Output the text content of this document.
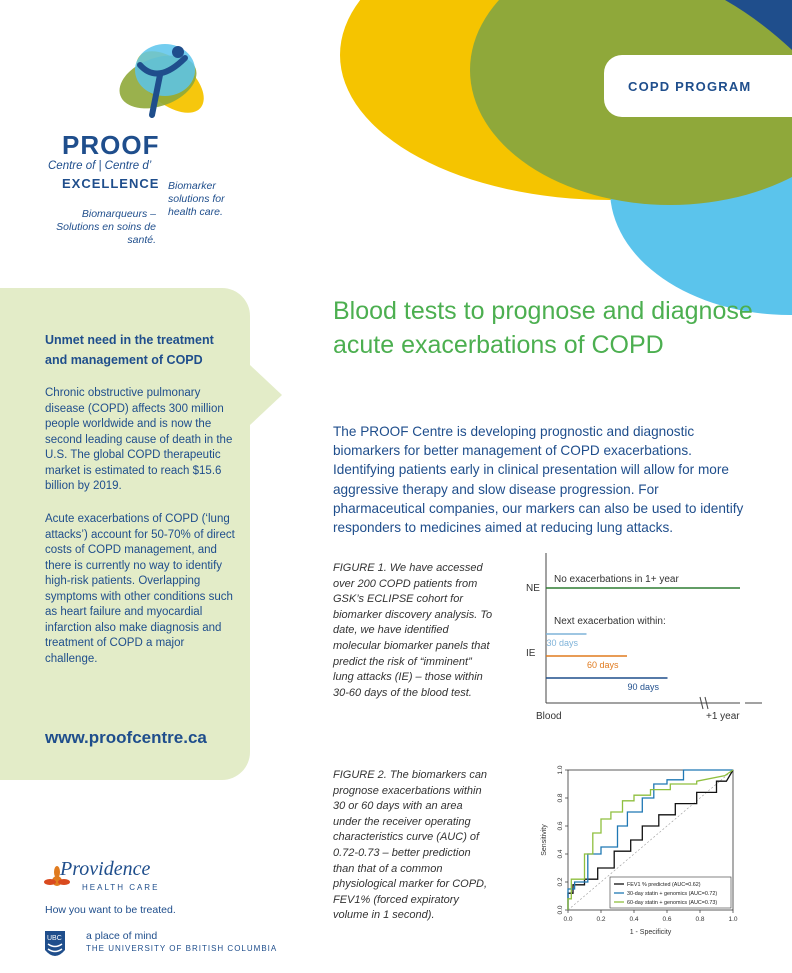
COPD PROGRAM
PROOF
Centre of | Centre d’
EXCELLENCE Biomarker solutions for health care.
Biomarqueurs – Solutions en soins de santé.
Unmet need in the treatment and management of COPD
Chronic obstructive pulmonary disease (COPD) affects 300 million people worldwide and is now the second leading cause of death in the U.S. The global COPD therapeutic market is estimated to reach $15.6 billion by 2019.
Acute exacerbations of COPD (‘lung attacks’) account for 50-70% of direct costs of COPD management, and there is currently no way to identify high-risk patients. Overlapping symptoms with other conditions such as heart failure and myocardial infarction also make diagnosis and treatment of COPD a major challenge.
www.proofcentre.ca
Blood tests to prognose and diagnose acute exacerbations of COPD
The PROOF Centre is developing prognostic and diagnostic biomarkers for better management of COPD exacerbations. Identifying patients early in clinical presentation will allow for more aggressive therapy and slow disease progression. For pharmaceutical companies, our markers can also be used to identify responders to medicines aimed at reducing lung attacks.
FIGURE 1. We have accessed over 200 COPD patients from GSK’s ECLIPSE cohort for biomarker discovery analysis. To date, we have identified molecular biomarker panels that predict the risk of “imminent” lung attacks (IE) – those within 30-60 days of the blood test.
FIGURE 2. The biomarkers can prognose exacerbations within 30 or 60 days with an area under the receiver operating characteristics curve (AUC) of 0.72-0.73 – better prediction than that of a common physiological marker for COPD, FEV1% (forced expiratory volume in 1 second).
NE
IE
No exacerbations in 1+ year
Next exacerbation within:
30 days
60 days
90 days
Blood	+1 year
0.0	0.2	0.4	0.6	0.8	1.0
0.0
0.2
0.4
0.6
0.8
1.0
1 - Specificity
Sensitivity
FEV1 % predicted (AUC=0.62)
30-day statin + genomics (AUC=0.72)
60-day statin + genomics (AUC=0.73)
Providence
HEALTH CARE
How you want to be treated.
UBC a place of mind
THE UNIVERSITY OF BRITISH COLUMBIA
